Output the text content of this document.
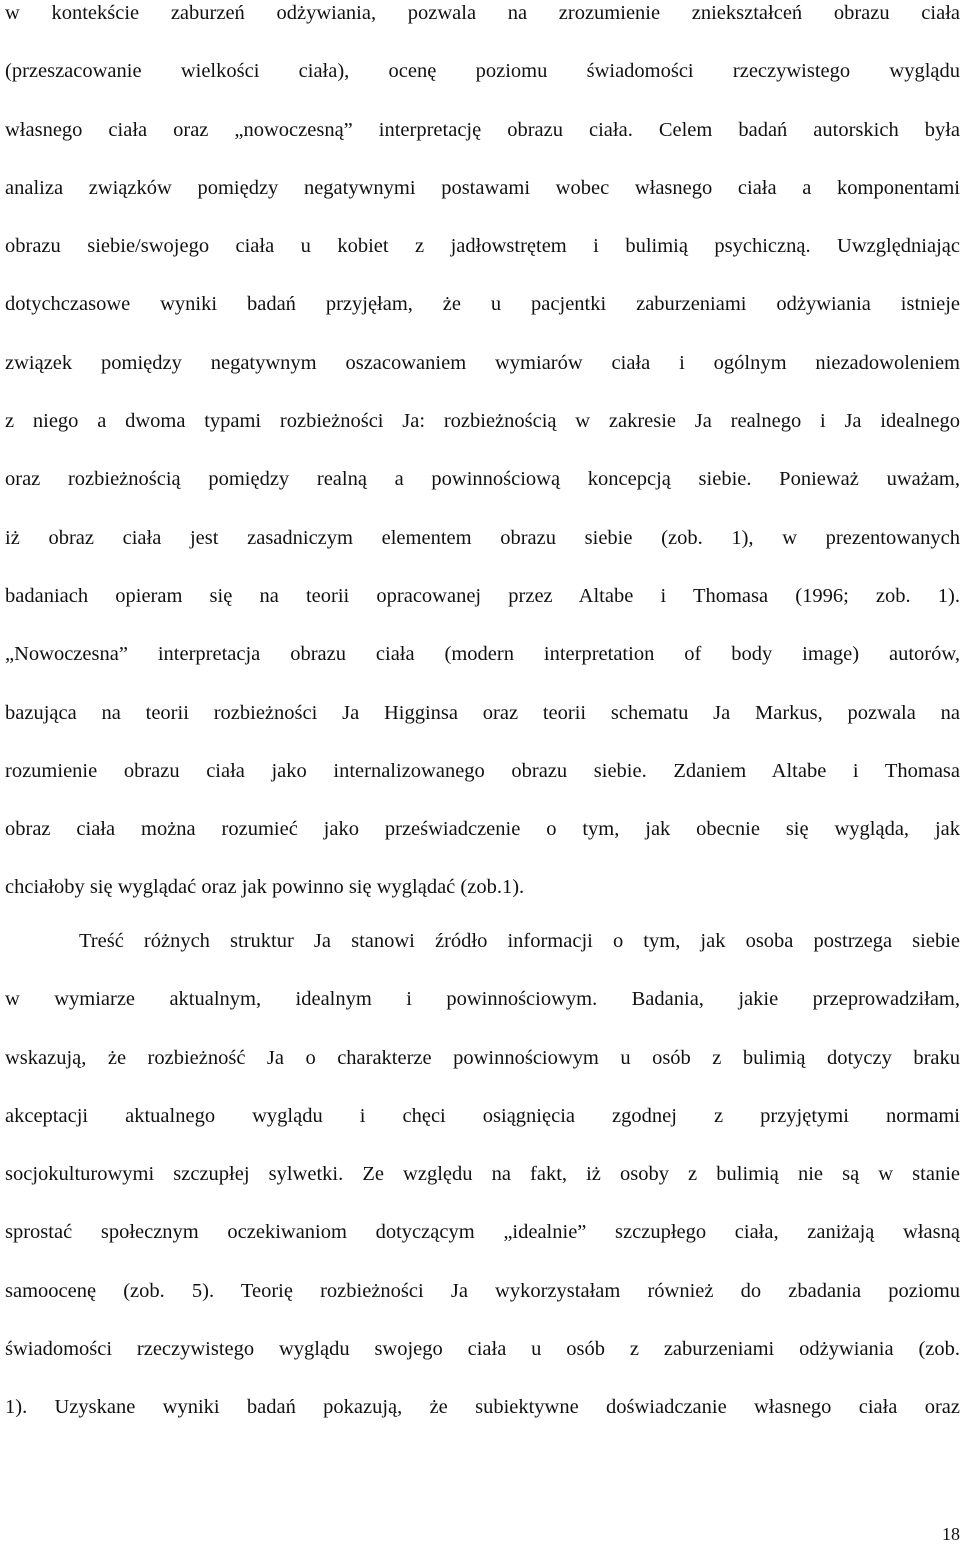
w kontekście zaburzeń odżywiania, pozwala na zrozumienie zniekształceń obrazu ciała
(przeszacowanie wielkości ciała), ocenę poziomu świadomości rzeczywistego wyglądu
własnego ciała oraz „nowoczesną” interpretację obrazu ciała. Celem badań autorskich była
analiza związków pomiędzy negatywnymi postawami wobec własnego ciała a komponentami
obrazu siebie/swojego ciała u kobiet z jadłowstrętem i bulimią psychiczną. Uwzględniając
dotychczasowe wyniki badań przyjęłam, że u pacjentki zaburzeniami odżywiania istnieje
związek pomiędzy negatywnym oszacowaniem wymiarów ciała i ogólnym niezadowoleniem
z niego a dwoma typami rozbieżności Ja: rozbieżnością w zakresie Ja realnego i Ja idealnego
oraz rozbieżnością pomiędzy realną a powinnościową koncepcją siebie. Ponieważ uważam,
iż obraz ciała jest zasadniczym elementem obrazu siebie (zob. 1), w prezentowanych
badaniach opieram się na teorii opracowanej przez Altabe i Thomasa (1996; zob. 1).
„Nowoczesna” interpretacja obrazu ciała (modern interpretation of body image) autorów,
bazująca na teorii rozbieżności Ja Higginsa oraz teorii schematu Ja Markus, pozwala na
rozumienie obrazu ciała jako internalizowanego obrazu siebie. Zdaniem Altabe i Thomasa
obraz ciała można rozumieć jako przeświadczenie o tym, jak obecnie się wygląda, jak
chciałoby się wyglądać oraz jak powinno się wyglądać (zob.1).
Treść różnych struktur Ja stanowi źródło informacji o tym, jak osoba postrzega siebie
w wymiarze aktualnym, idealnym i powinnościowym. Badania, jakie przeprowadziłam,
wskazują, że rozbieżność Ja o charakterze powinnościowym u osób z bulimią dotyczy braku
akceptacji aktualnego wyglądu i chęci osiągnięcia zgodnej z przyjętymi normami
socjokulturowymi szczupłej sylwetki. Ze względu na fakt, iż osoby z bulimią nie są w stanie
sprostać społecznym oczekiwaniom dotyczącym „idealnie” szczupłego ciała, zaniżają własną
samoocenę (zob. 5). Teorię rozbieżności Ja wykorzystałam również do zbadania poziomu
świadomości rzeczywistego wyglądu swojego ciała u osób z zaburzeniami odżywiania (zob.
1). Uzyskane wyniki badań pokazują, że subiektywne doświadczanie własnego ciała oraz
18
